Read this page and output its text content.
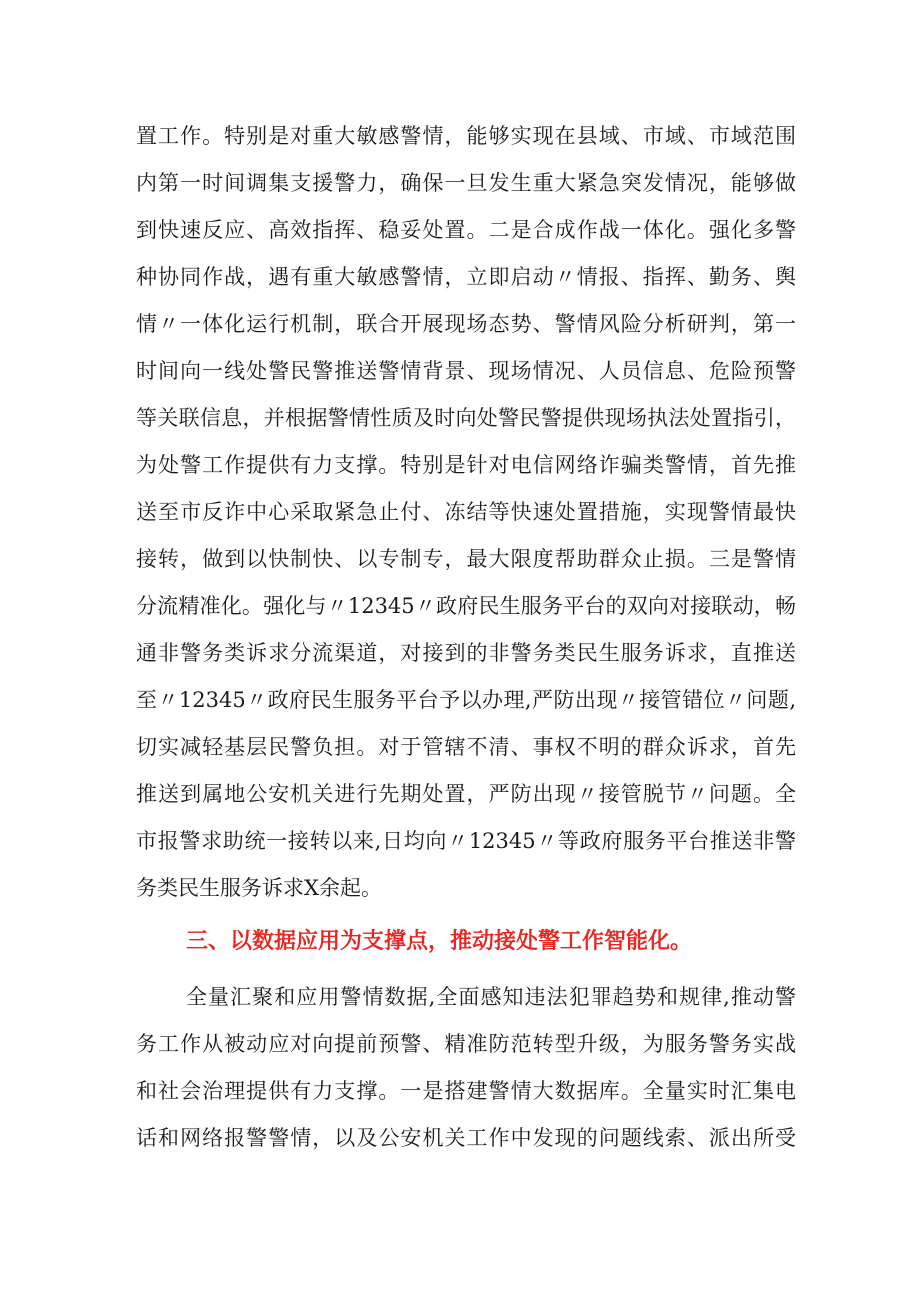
置工作。特别是对重大敏感警情，能够实现在县域、市域、市域范围
内第一时间调集支援警力，确保一旦发生重大紧急突发情况，能够做
到快速反应、高效指挥、稳妥处置。二是合成作战一体化。强化多警
种协同作战，遇有重大敏感警情，立即启动〃情报、指挥、勤务、舆
情〃一体化运行机制，联合开展现场态势、警情风险分析研判，第一
时间向一线处警民警推送警情背景、现场情况、人员信息、危险预警
等关联信息，并根据警情性质及时向处警民警提供现场执法处置指引，
为处警工作提供有力支撑。特别是针对电信网络诈骗类警情，首先推
送至市反诈中心采取紧急止付、冻结等快速处置措施，实现警情最快
接转，做到以快制快、以专制专，最大限度帮助群众止损。三是警情
分流精准化。强化与〃12345〃政府民生服务平台的双向对接联动，畅
通非警务类诉求分流渠道，对接到的非警务类民生服务诉求，直推送
至〃12345〃政府民生服务平台予以办理,严防出现〃接管错位〃问题,
切实减轻基层民警负担。对于管辖不清、事权不明的群众诉求，首先
推送到属地公安机关进行先期处置，严防出现〃接管脱节〃问题。全
市报警求助统一接转以来,日均向〃12345〃等政府服务平台推送非警
务类民生服务诉求X余起。
三、以数据应用为支撑点，推动接处警工作智能化。
全量汇聚和应用警情数据,全面感知违法犯罪趋势和规律,推动警
务工作从被动应对向提前预警、精准防范转型升级，为服务警务实战
和社会治理提供有力支撑。一是搭建警情大数据库。全量实时汇集电
话和网络报警警情，以及公安机关工作中发现的问题线索、派出所受
